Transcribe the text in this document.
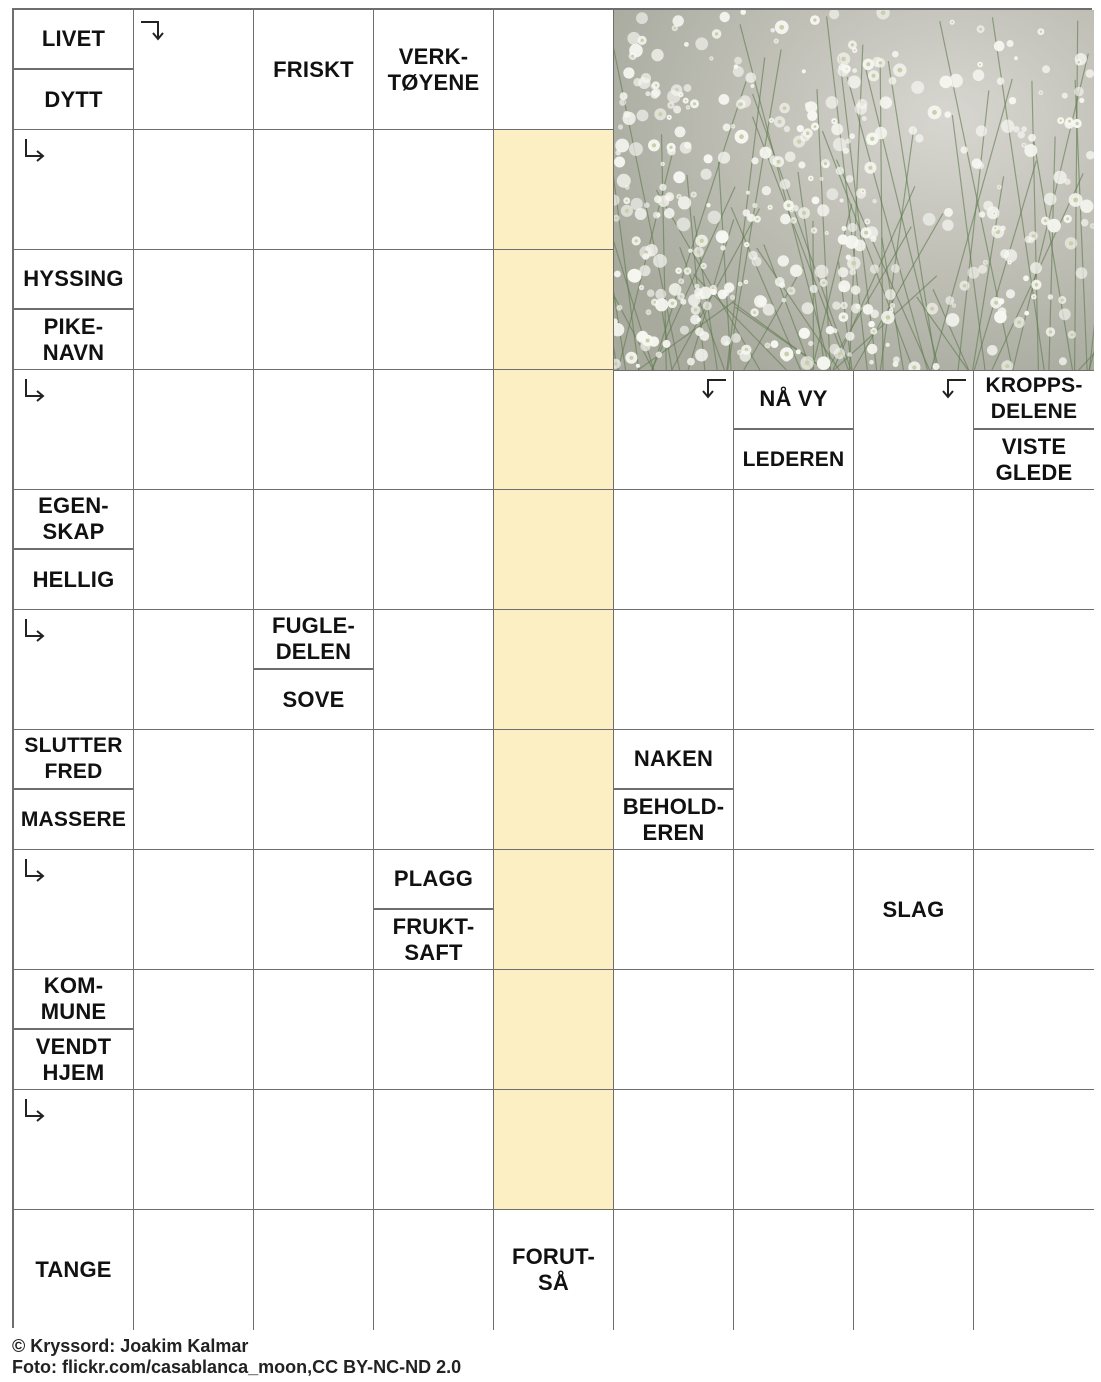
LIVET
DYTT
FRISKT
VERK-
TØYENE
HYSSING
PIKE-
NAVN
EGEN-
SKAP
HELLIG
FUGLE-
DELEN
SOVE
SLUTTER
FRED
MASSERE
PLAGG
FRUKT-
SAFT
KOM-
MUNE
VENDT
HJEM
TANGE
FORUT-
SÅ
NÅ VY
LEDEREN
KROPPS-
DELENE
VISTE
GLEDE
NAKEN
BEHOLD-
EREN
SLAG
© Kryssord: Joakim Kalmar
Foto: flickr.com/casablanca_moon,CC BY-NC-ND 2.0
